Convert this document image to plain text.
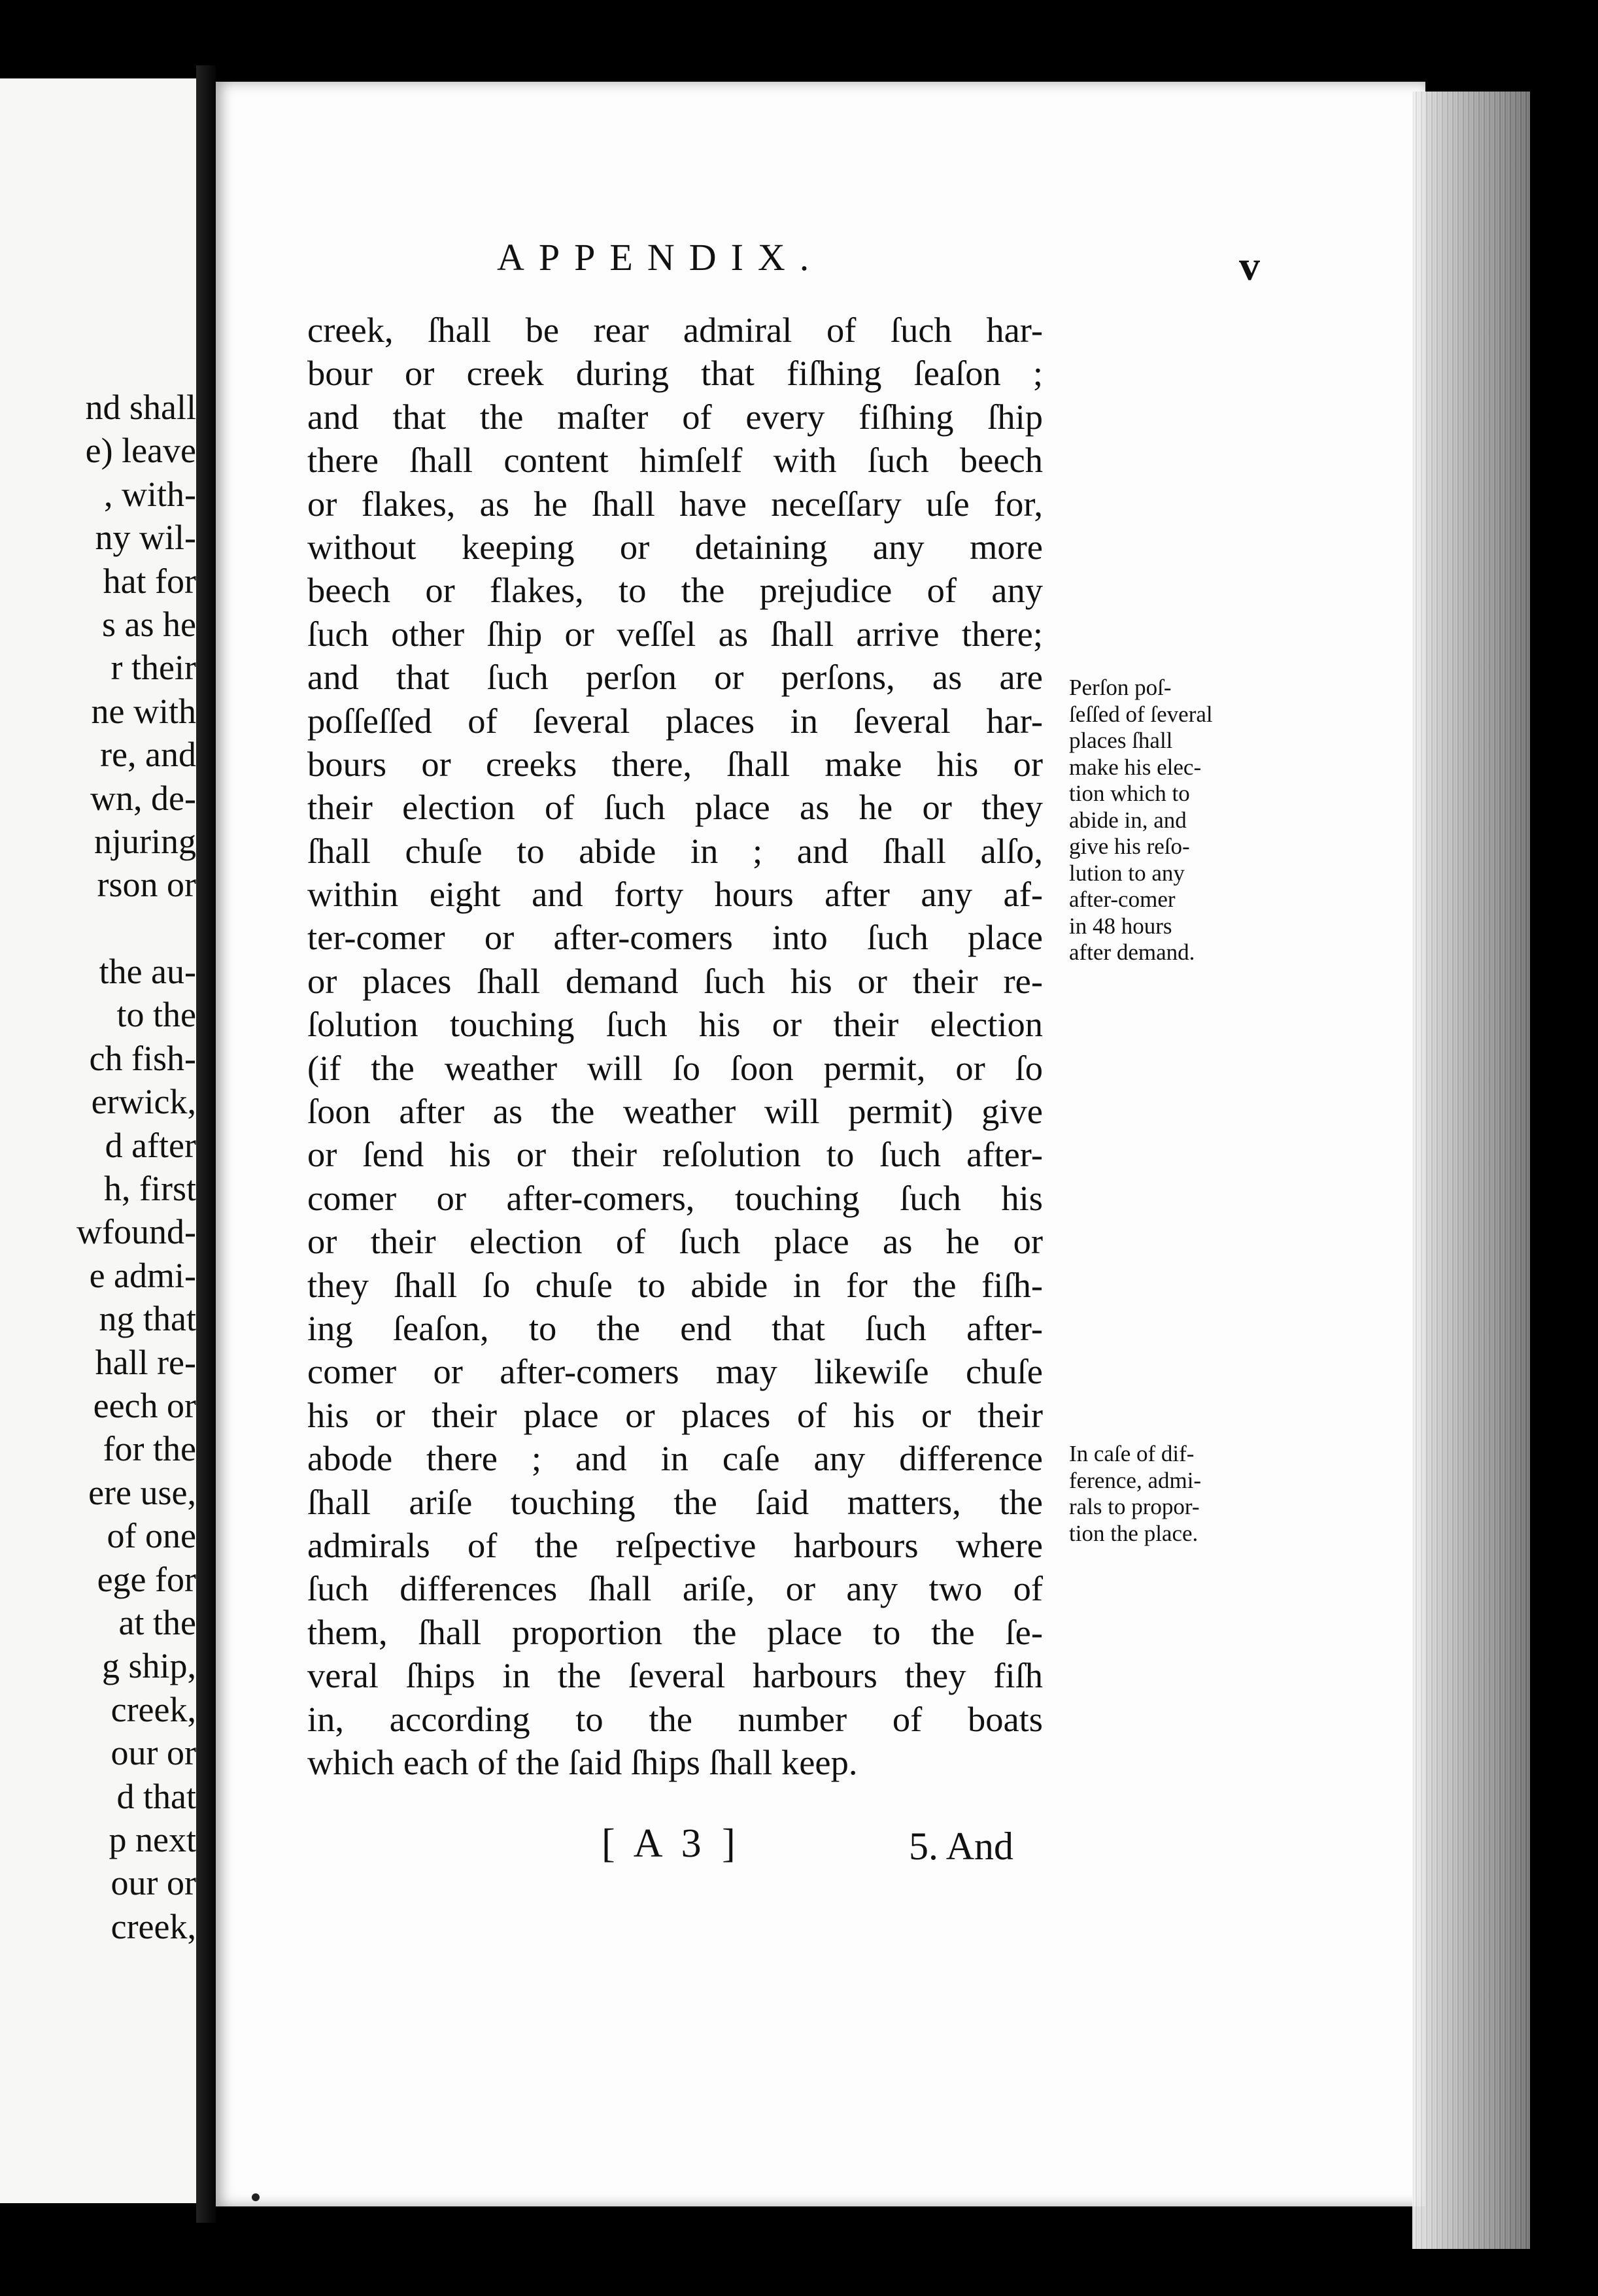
nd shall
e) leave
, with-
ny wil-
hat for
s as he
r their
ne with
re, and
wn, de-
njuring
rson or
the au-
to the
ch fish-
erwick,
d after
h, first
wfound-
e admi-
ng that
hall re-
eech or
for the
ere use,
of one
ege for
at the
g ship,
creek,
our or
d that
p next
our or
creek,
APPENDIX.	v
creek, ſhall be rear admiral of ſuch har-
bour or creek during that fiſhing ſeaſon ;
and that the maſter of every fiſhing ſhip
there ſhall content himſelf with ſuch beech
or flakes, as he ſhall have neceſſary uſe for,
without keeping or detaining any more
beech or flakes, to the prejudice of any
ſuch other ſhip or veſſel as ſhall arrive there;
and that ſuch perſon or perſons, as are
poſſeſſed of ſeveral places in ſeveral har-
bours or creeks there, ſhall make his or
their election of ſuch place as he or they
ſhall chuſe to abide in ; and ſhall alſo,
within eight and forty hours after any af-
ter-comer or after-comers into ſuch place
or places ſhall demand ſuch his or their re-
ſolution touching ſuch his or their election
(if the weather will ſo ſoon permit, or ſo
ſoon after as the weather will permit) give
or ſend his or their reſolution to ſuch after-
comer or after-comers, touching ſuch his
or their election of ſuch place as he or
they ſhall ſo chuſe to abide in for the fiſh-
ing ſeaſon, to the end that ſuch after-
comer or after-comers may likewiſe chuſe
his or their place or places of his or their
abode there ; and in caſe any difference
ſhall ariſe touching the ſaid matters, the
admirals of the reſpective harbours where
ſuch differences ſhall ariſe, or any two of
them, ſhall proportion the place to the ſe-
veral ſhips in the ſeveral harbours they fiſh
in, according to the number of boats
which each of the ſaid ſhips ſhall keep.
Perſon poſ-
ſeſſed of ſeveral
places ſhall
make his elec-
tion which to
abide in, and
give his reſo-
lution to any
after-comer
in 48 hours
after demand.
In caſe of dif-
ference, admi-
rals to propor-
tion the place.
[ A 3 ]	5. And
